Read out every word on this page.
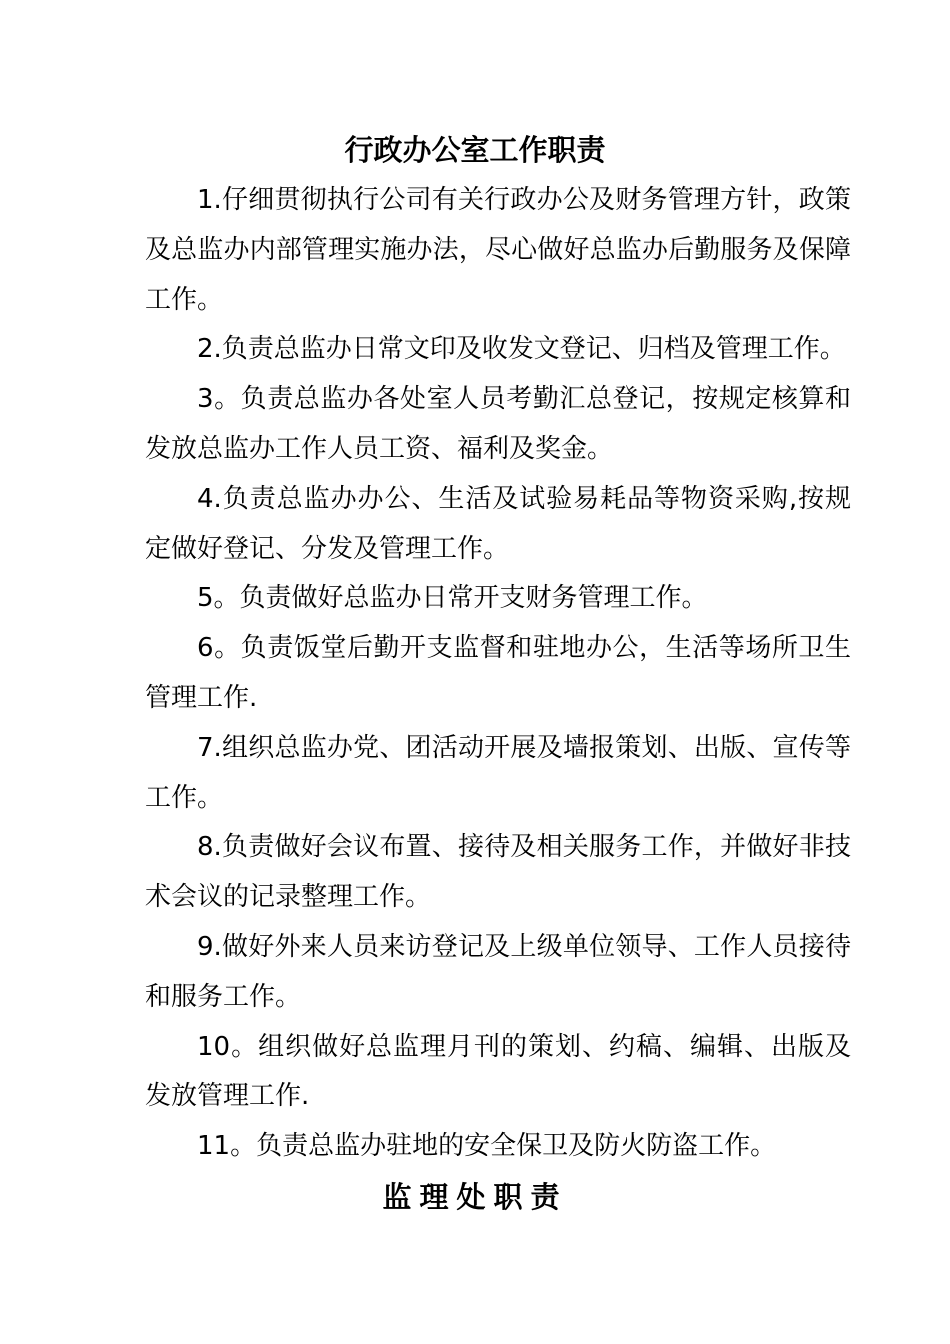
行政办公室工作职责

1.仔细贯彻执行公司有关行政办公及财务管理方针，政策及总监办内部管理实施办法，尽心做好总监办后勤服务及保障工作。

2.负责总监办日常文印及收发文登记、归档及管理工作。

3。负责总监办各处室人员考勤汇总登记，按规定核算和发放总监办工作人员工资、福利及奖金。

4.负责总监办办公、生活及试验易耗品等物资采购,按规定做好登记、分发及管理工作。

5。负责做好总监办日常开支财务管理工作。

6。负责饭堂后勤开支监督和驻地办公，生活等场所卫生管理工作.

7.组织总监办党、团活动开展及墙报策划、出版、宣传等工作。

8.负责做好会议布置、接待及相关服务工作，并做好非技术会议的记录整理工作。

9.做好外来人员来访登记及上级单位领导、工作人员接待和服务工作。

10。组织做好总监理月刊的策划、约稿、编辑、出版及发放管理工作.

11。负责总监办驻地的安全保卫及防火防盗工作。

监理处职责
